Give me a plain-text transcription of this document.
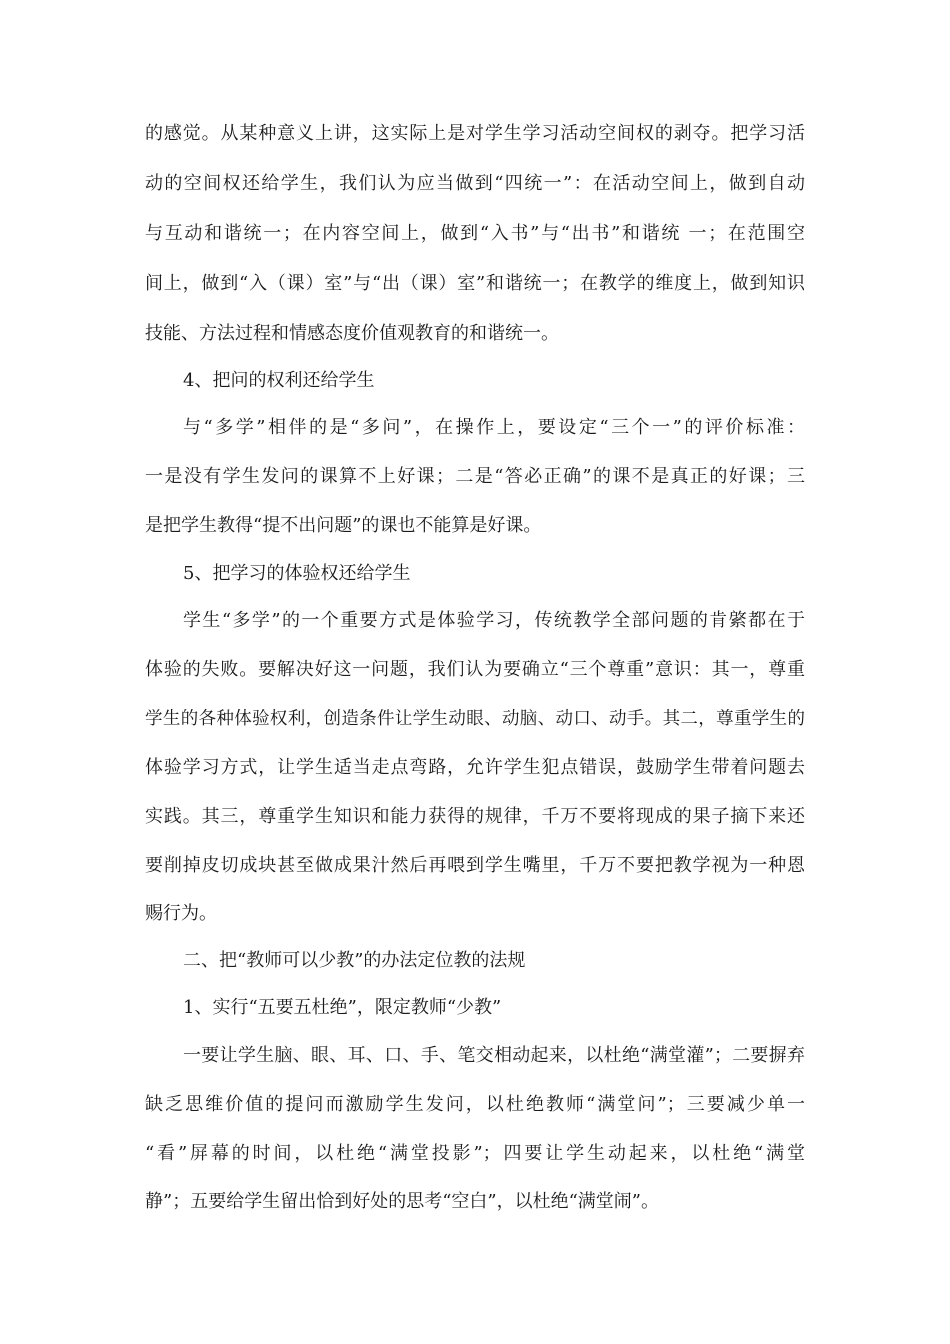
的感觉。从某种意义上讲，这实际上是对学生学习活动空间权的剥夺。把学习活
动的空间权还给学生，我们认为应当做到“四统一”：在活动空间上，做到自动
与互动和谐统一；在内容空间上，做到“入书”与“出书”和谐统 一；在范围空
间上，做到“入（课）室”与“出（课）室”和谐统一；在教学的维度上，做到知识
技能、方法过程和情感态度价值观教育的和谐统一。
4、把问的权利还给学生
与“多学”相伴的是“多问”，在操作上，要设定“三个一”的评价标准：
一是没有学生发问的课算不上好课；二是“答必正确”的课不是真正的好课；三
是把学生教得“提不出问题”的课也不能算是好课。
5、把学习的体验权还给学生
学生“多学”的一个重要方式是体验学习，传统教学全部问题的肯綮都在于
体验的失败。要解决好这一问题，我们认为要确立“三个尊重”意识：其一，尊重
学生的各种体验权利，创造条件让学生动眼、动脑、动口、动手。其二，尊重学生的
体验学习方式，让学生适当走点弯路，允许学生犯点错误，鼓励学生带着问题去
实践。其三，尊重学生知识和能力获得的规律，千万不要将现成的果子摘下来还
要削掉皮切成块甚至做成果汁然后再喂到学生嘴里，千万不要把教学视为一种恩
赐行为。
二、把“教师可以少教”的办法定位教的法规
1、实行“五要五杜绝”，限定教师“少教”
一要让学生脑、眼、耳、口、手、笔交相动起来，以杜绝“满堂灌”；二要摒弃
缺乏思维价值的提问而激励学生发问，以杜绝教师“满堂问”；三要减少单一
“看”屏幕的时间，以杜绝“满堂投影”；四要让学生动起来，以杜绝“满堂
静”；五要给学生留出恰到好处的思考“空白”，以杜绝“满堂闹”。
